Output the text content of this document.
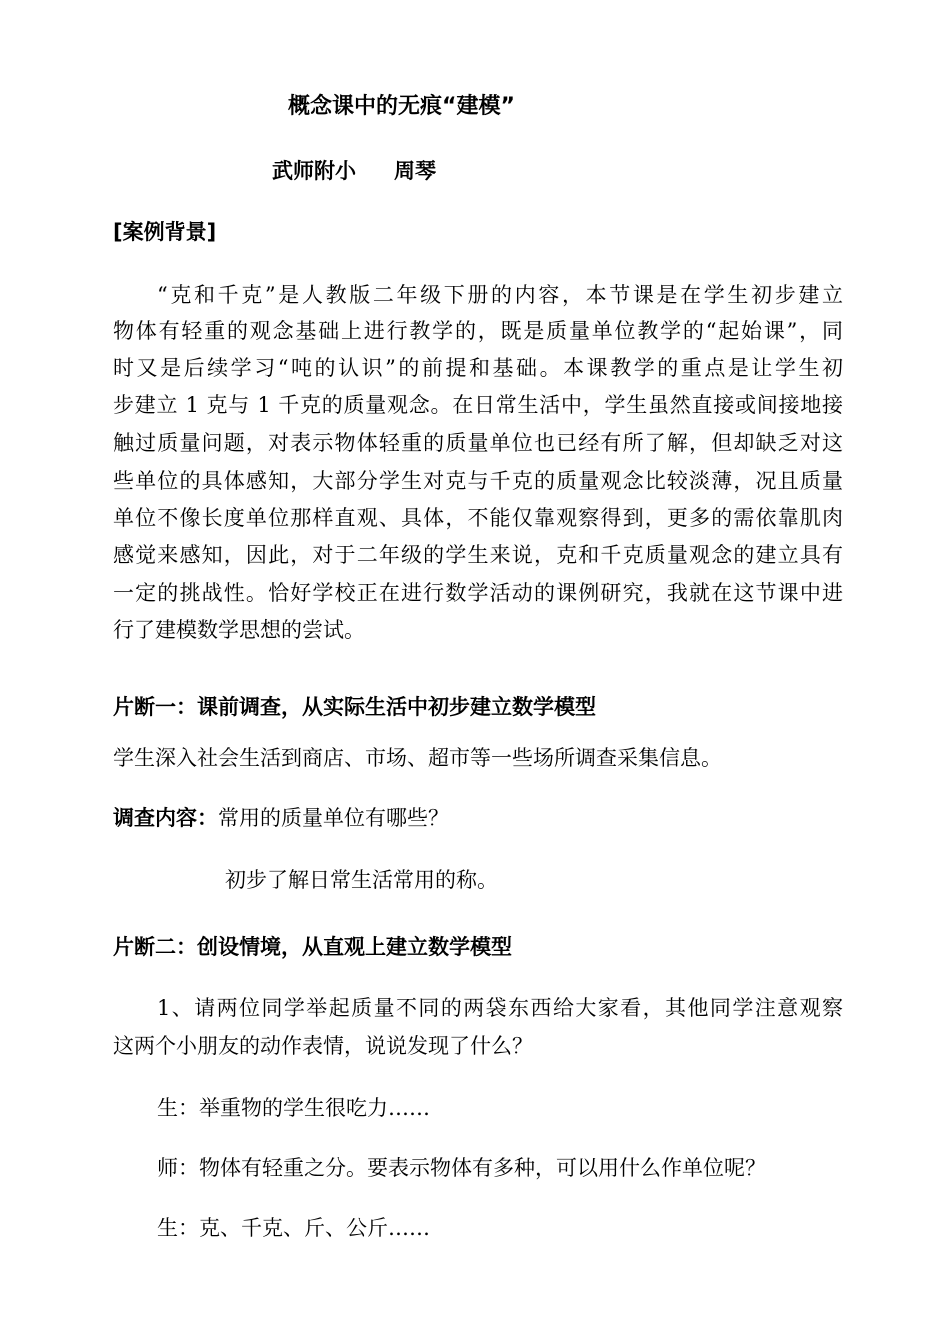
概念课中的无痕“建模”
武师附小 周琴
[案例背景]
“克和千克”是人教版二年级下册的内容，本节课是在学生初步建立
物体有轻重的观念基础上进行教学的，既是质量单位教学的“起始课”，同
时又是后续学习“吨的认识”的前提和基础。本课教学的重点是让学生初
步建立 1 克与 1 千克的质量观念。在日常生活中，学生虽然直接或间接地接
触过质量问题，对表示物体轻重的质量单位也已经有所了解，但却缺乏对这
些单位的具体感知，大部分学生对克与千克的质量观念比较淡薄，况且质量
单位不像长度单位那样直观、具体，不能仅靠观察得到，更多的需依靠肌肉
感觉来感知，因此，对于二年级的学生来说，克和千克质量观念的建立具有
一定的挑战性。恰好学校正在进行数学活动的课例研究，我就在这节课中进
行了建模数学思想的尝试。
片断一：课前调查，从实际生活中初步建立数学模型
学生深入社会生活到商店、市场、超市等一些场所调查采集信息。
调查内容：常用的质量单位有哪些？
初步了解日常生活常用的称。
片断二：创设情境，从直观上建立数学模型
1、请两位同学举起质量不同的两袋东西给大家看，其他同学注意观察
这两个小朋友的动作表情，说说发现了什么？
生：举重物的学生很吃力……
师：物体有轻重之分。要表示物体有多种，可以用什么作单位呢？
生：克、千克、斤、公斤……
